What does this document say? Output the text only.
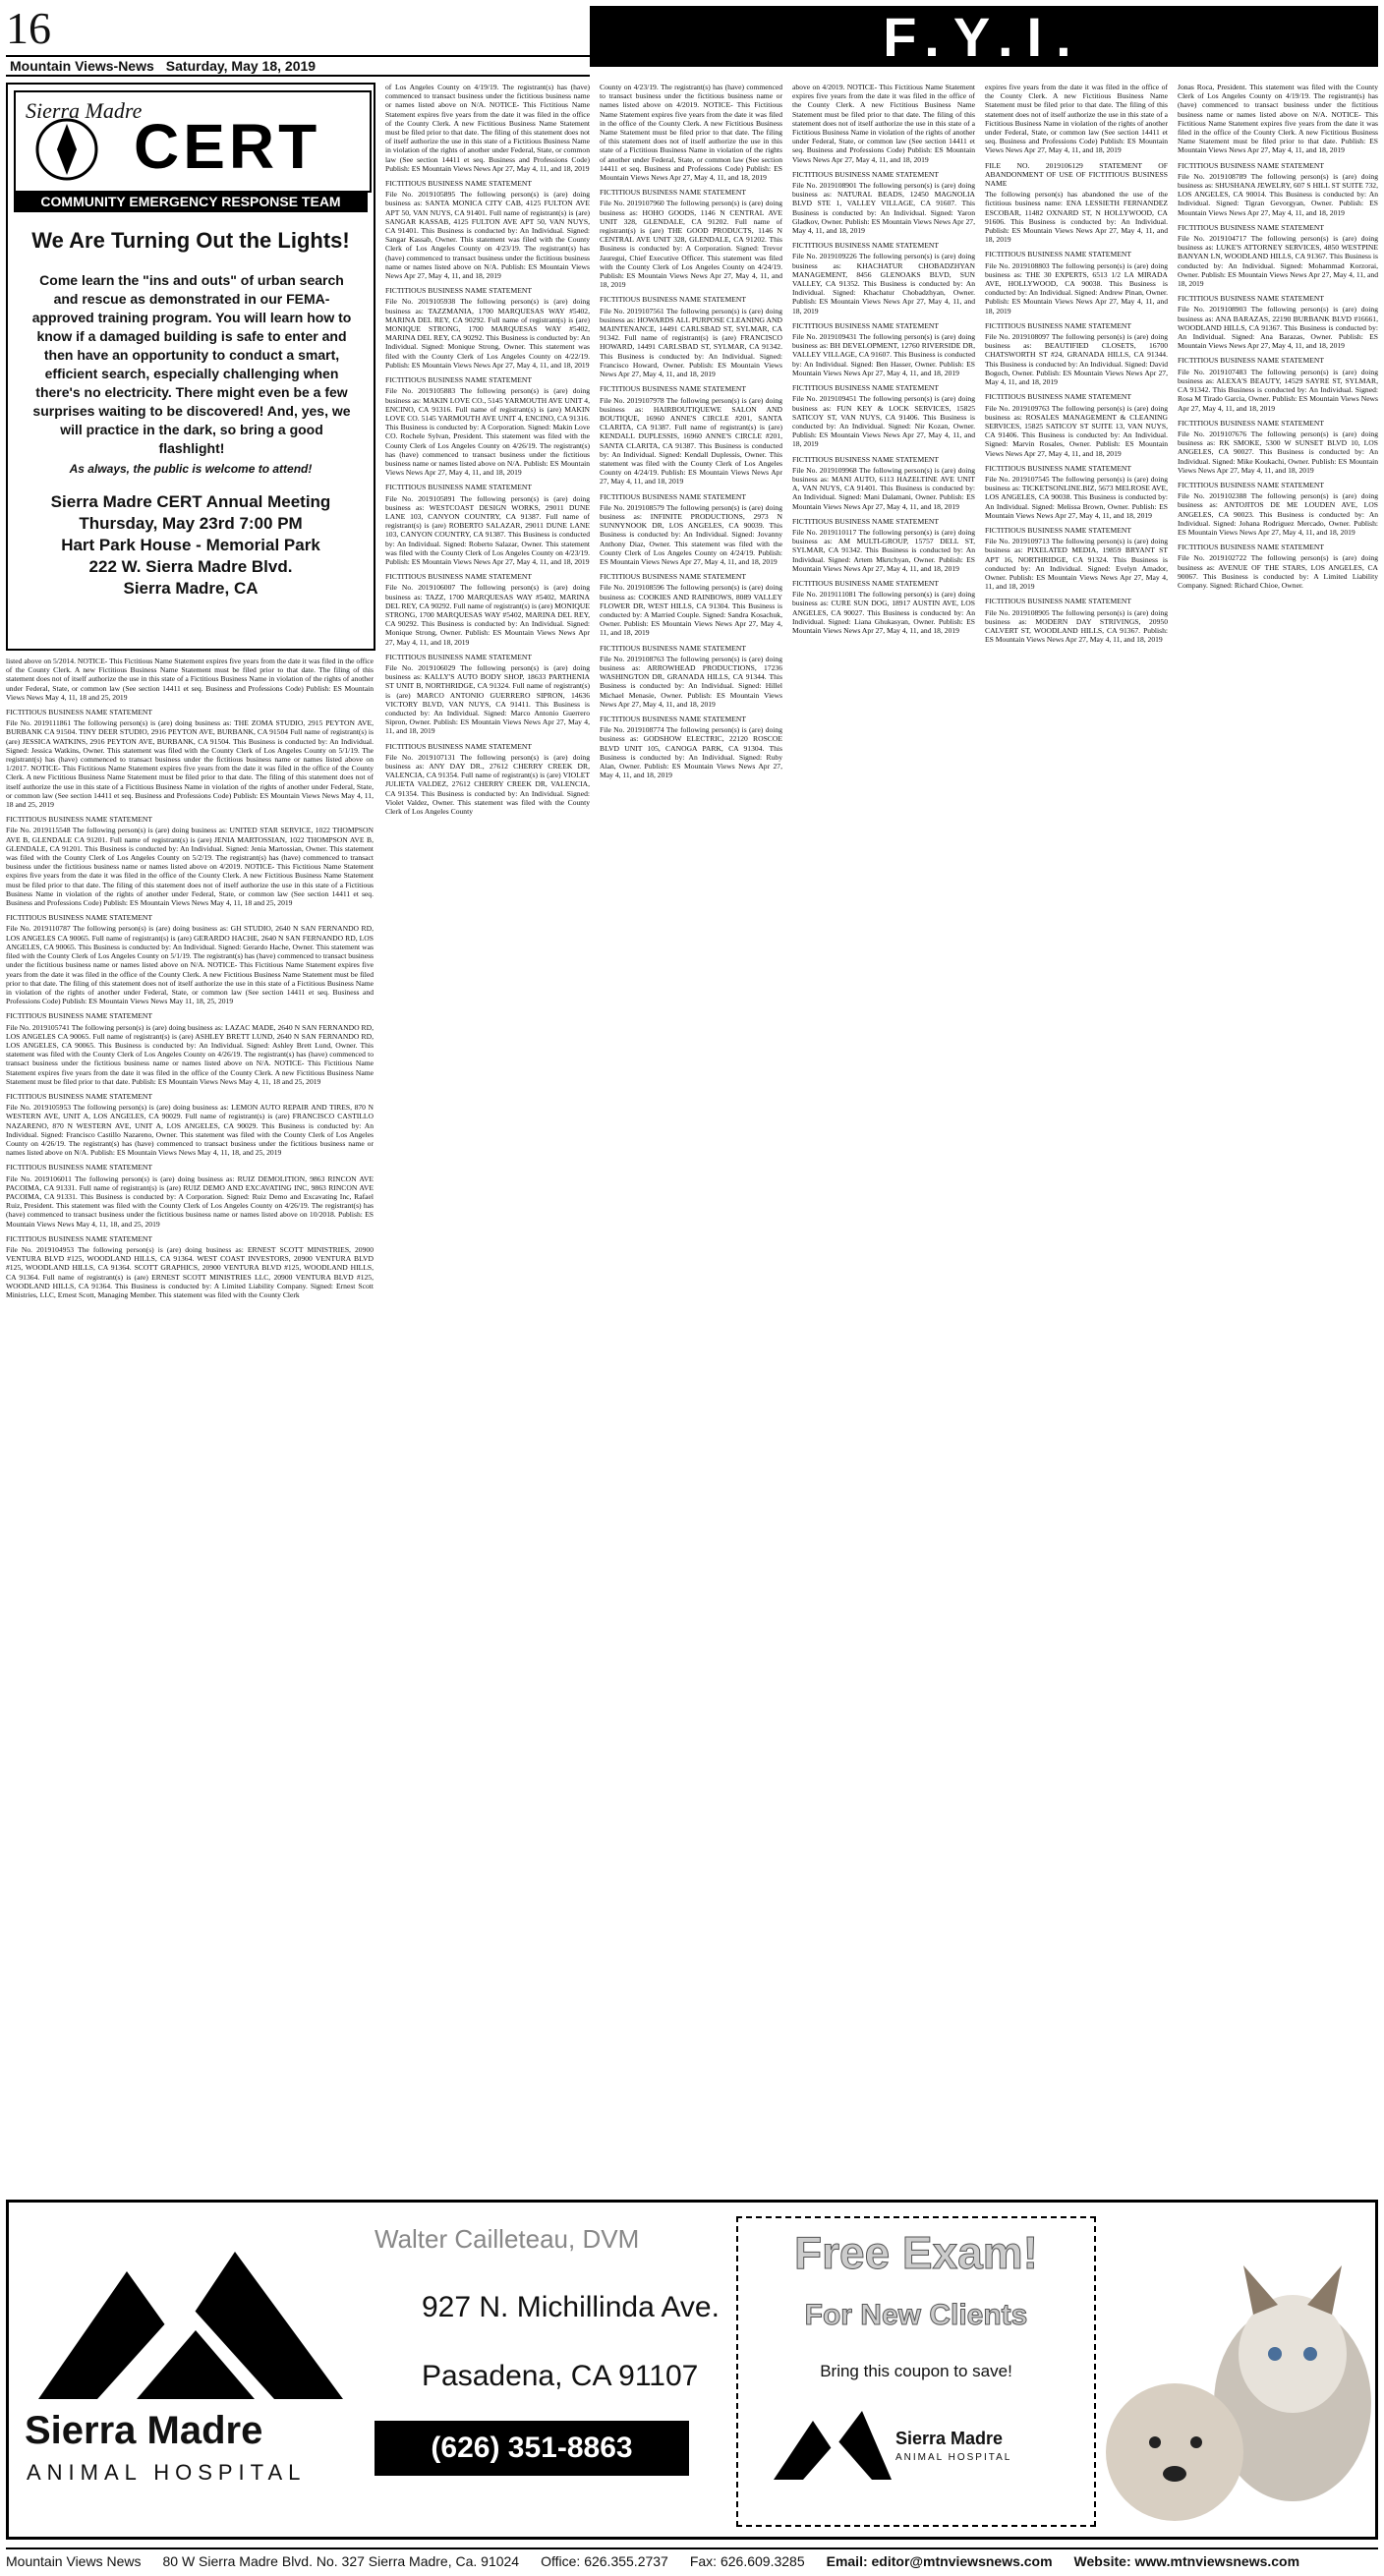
16
Mountain Views-News Saturday, May 18, 2019	F.Y.I.
Sierra Madre
CERT
COMMUNITY EMERGENCY RESPONSE TEAM
We Are Turning Out the Lights!
Come learn the "ins and outs" of urban search and rescue as demonstrated in our FEMA-approved training program. You will learn how to know if a damaged building is safe to enter and then have an opportunity to conduct a smart, efficient search, especially challenging when there's no electricity. There might even be a few surprises waiting to be discovered! And, yes, we will practice in the dark, so bring a good flashlight!
As always, the public is welcome to attend!
Sierra Madre CERT Annual Meeting
Thursday, May 23rd 7:00 PM
Hart Park House - Memorial Park
222 W. Sierra Madre Blvd.
Sierra Madre, CA

listed above on 5/2014. NOTICE- This Fictitious Name Statement expires five years from the date it was filed in the office of the County Clerk. A new Fictitious Business Name Statement must be filed prior to that date. The filing of this statement does not of itself authorize the use in this state of a Fictitious Business Name in violation of the rights of another under Federal, State, or common law (See section 14411 et seq. Business and Professions Code) Publish: ES Mountain Views News May 4, 11, 18 and 25, 2019

FICTITIOUS BUSINESS NAME STATEMENT

File No. 2019111861 The following person(s) is (are) doing business as: THE ZOMA STUDIO, 2915 PEYTON AVE, BURBANK CA 91504. TINY DEER STUDIO, 2916 PEYTON AVE, BURBANK, CA 91504 Full name of registrant(s) is (are) JESSICA WATKINS, 2916 PEYTON AVE, BURBANK, CA 91504. This Business is conducted by: An Individual. Signed: Jessica Watkins, Owner. This statement was filed with the County Clerk of Los Angeles County on 5/1/19. The registrant(s) has (have) commenced to transact business under the fictitious business name or names listed above on 1/2017. NOTICE- This Fictitious Name Statement expires five years from the date it was filed in the office of the County Clerk. A new Fictitious Business Name Statement must be filed prior to that date. The filing of this statement does not of itself authorize the use in this state of a Fictitious Business Name in violation of the rights of another under Federal, State, or common law (See section 14411 et seq. Business and Professions Code) Publish: ES Mountain Views News May 4, 11, 18 and 25, 2019

FICTITIOUS BUSINESS NAME STATEMENT

File No. 2019115548 The following person(s) is (are) doing business as: UNITED STAR SERVICE, 1022 THOMPSON AVE B, GLENDALE CA 91201. Full name of registrant(s) is (are) JENIA MARTOSSIAN, 1022 THOMPSON AVE B, GLENDALE, CA 91201. This Business is conducted by: An Individual. Signed: Jenia Martossian, Owner. This statement was filed with the County Clerk of Los Angeles County on 5/2/19. The registrant(s) has (have) commenced to transact business under the fictitious business name or names listed above on 4/2019. NOTICE- This Fictitious Name Statement expires five years from the date it was filed in the office of the County Clerk. A new Fictitious Business Name Statement must be filed prior to that date. The filing of this statement does not of itself authorize the use in this state of a Fictitious Business Name in violation of the rights of another under Federal, State, or common law (See section 14411 et seq. Business and Professions Code) Publish: ES Mountain Views News May 4, 11, 18 and 25, 2019

FICTITIOUS BUSINESS NAME STATEMENT

File No. 2019110787 The following person(s) is (are) doing business as: GH STUDIO, 2640 N SAN FERNANDO RD, LOS ANGELES CA 90065. Full name of registrant(s) is (are) GERARDO HACHE, 2640 N SAN FERNANDO RD, LOS ANGELES, CA 90065. This Business is conducted by: An Individual. Signed: Gerardo Hache, Owner. This statement was filed with the County Clerk of Los Angeles County on 5/1/19. The registrant(s) has (have) commenced to transact business under the fictitious business name or names listed above on N/A. NOTICE- This Fictitious Name Statement expires five years from the date it was filed in the office of the County Clerk. A new Fictitious Business Name Statement must be filed prior to that date. The filing of this statement does not of itself authorize the use in this state of a Fictitious Business Name in violation of the rights of another under Federal, State, or common law (See section 14411 et seq. Business and Professions Code) Publish: ES Mountain Views News May 11, 18, 25, 2019

FICTITIOUS BUSINESS NAME STATEMENT

File No. 2019105741 The following person(s) is (are) doing business as: LAZAC MADE, 2640 N SAN FERNANDO RD, LOS ANGELES CA 90065. Full name of registrant(s) is (are) ASHLEY BRETT LUND, 2640 N SAN FERNANDO RD, LOS ANGELES, CA 90065. This Business is conducted by: An Individual. Signed: Ashley Brett Lund, Owner. This statement was filed with the County Clerk of Los Angeles County on 4/26/19. The registrant(s) has (have) commenced to transact business under the fictitious business name or names listed above on N/A. NOTICE- This Fictitious Name Statement expires five years from the date it was filed in the office of the County Clerk. A new Fictitious Business Name Statement must be filed prior to that date. Publish: ES Mountain Views News May 4, 11, 18 and 25, 2019

FICTITIOUS BUSINESS NAME STATEMENT

File No. 2019105953 The following person(s) is (are) doing business as: LEMON AUTO REPAIR AND TIRES, 870 N WESTERN AVE, UNIT A, LOS ANGELES, CA 90029. Full name of registrant(s) is (are) FRANCISCO CASTILLO NAZARENO, 870 N WESTERN AVE, UNIT A, LOS ANGELES, CA 90029. This Business is conducted by: An Individual. Signed: Francisco Castillo Nazareno, Owner. This statement was filed with the County Clerk of Los Angeles County on 4/26/19. The registrant(s) has (have) commenced to transact business under the fictitious business name or names listed above on N/A. Publish: ES Mountain Views News May 4, 11, 18, and 25, 2019

FICTITIOUS BUSINESS NAME STATEMENT

File No. 2019106011 The following person(s) is (are) doing business as: RUIZ DEMOLITION, 9863 RINCON AVE PACOIMA, CA 91331. Full name of registrant(s) is (are) RUIZ DEMO AND EXCAVATING INC, 9863 RINCON AVE PACOIMA, CA 91331. This Business is conducted by: A Corporation. Signed: Ruiz Demo and Excavating Inc, Rafael Ruiz, President. This statement was filed with the County Clerk of Los Angeles County on 4/26/19. The registrant(s) has (have) commenced to transact business under the fictitious business name or names listed above on 10/2018. Publish: ES Mountain Views News May 4, 11, 18, and 25, 2019

FICTITIOUS BUSINESS NAME STATEMENT

File No. 2019104953 The following person(s) is (are) doing business as: ERNEST SCOTT MINISTRIES, 20900 VENTURA BLVD #125, WOODLAND HILLS, CA 91364. WEST COAST INVESTORS, 20900 VENTURA BLVD #125, WOODLAND HILLS, CA 91364. SCOTT GRAPHICS, 20900 VENTURA BLVD #125, WOODLAND HILLS, CA 91364. Full name of registrant(s) is (are) ERNEST SCOTT MINISTRIES LLC, 20900 VENTURA BLVD #125, WOODLAND HILLS, CA 91364. This Business is conducted by: A Limited Liability Company. Signed: Ernest Scott Ministries, LLC, Ernest Scott, Managing Member. This statement was filed with the County Clerk

of Los Angeles County on 4/19/19. The registrant(s) has (have) commenced to transact business under the fictitious business name or names listed above on N/A. NOTICE- This Fictitious Name Statement expires five years from the date it was filed in the office of the County Clerk. A new Fictitious Business Name Statement must be filed prior to that date. The filing of this statement does not of itself authorize the use in this state of a Fictitious Business Name in violation of the rights of another under Federal, State, or common law (See section 14411 et seq. Business and Professions Code) Publish: ES Mountain Views News Apr 27, May 4, 11, and 18, 2019

FICTITIOUS BUSINESS NAME STATEMENT

File No. 2019105895 The following person(s) is (are) doing business as: SANTA MONICA CITY CAB, 4125 FULTON AVE APT 50, VAN NUYS, CA 91401. Full name of registrant(s) is (are) SANGAR KASSAB, 4125 FULTON AVE APT 50, VAN NUYS, CA 91401. This Business is conducted by: An Individual. Signed: Sangar Kassab, Owner. This statement was filed with the County Clerk of Los Angeles County on 4/23/19. The registrant(s) has (have) commenced to transact business under the fictitious business name or names listed above on N/A. Publish: ES Mountain Views News Apr 27, May 4, 11, and 18, 2019

FICTITIOUS BUSINESS NAME STATEMENT

File No. 2019105938 The following person(s) is (are) doing business as: TAZZMANIA, 1700 MARQUESAS WAY #5402, MARINA DEL REY, CA 90292. Full name of registrant(s) is (are) MONIQUE STRONG, 1700 MARQUESAS WAY #5402, MARINA DEL REY, CA 90292. This Business is conducted by: An Individual. Signed: Monique Strong, Owner. This statement was filed with the County Clerk of Los Angeles County on 4/22/19. Publish: ES Mountain Views News Apr 27, May 4, 11, and 18, 2019

FICTITIOUS BUSINESS NAME STATEMENT

File No. 2019105883 The following person(s) is (are) doing business as: MAKIN LOVE CO., 5145 YARMOUTH AVE UNIT 4, ENCINO, CA 91316. Full name of registrant(s) is (are) MAKIN LOVE CO. 5145 YARMOUTH AVE UNIT 4, ENCINO, CA 91316. This Business is conducted by: A Corporation. Signed: Makin Love CO. Rochele Sylvan, President. This statement was filed with the County Clerk of Los Angeles County on 4/26/19. The registrant(s) has (have) commenced to transact business under the fictitious business name or names listed above on N/A. Publish: ES Mountain Views News Apr 27, May 4, 11, and 18, 2019

FICTITIOUS BUSINESS NAME STATEMENT

File No. 2019105891 The following person(s) is (are) doing business as: WESTCOAST DESIGN WORKS, 29011 DUNE LANE 103, CANYON COUNTRY, CA 91387. Full name of registrant(s) is (are) ROBERTO SALAZAR, 29011 DUNE LANE 103, CANYON COUNTRY, CA 91387. This Business is conducted by: An Individual. Signed: Roberto Salazar, Owner. This statement was filed with the County Clerk of Los Angeles County on 4/23/19. Publish: ES Mountain Views News Apr 27, May 4, 11, and 18, 2019

FICTITIOUS BUSINESS NAME STATEMENT

File No. 2019106007 The following person(s) is (are) doing business as: TAZZ, 1700 MARQUESAS WAY #5402, MARINA DEL REY, CA 90292. Full name of registrant(s) is (are) MONIQUE STRONG, 1700 MARQUESAS WAY #5402, MARINA DEL REY, CA 90292. This Business is conducted by: An Individual. Signed: Monique Strong, Owner. Publish: ES Mountain Views News Apr 27, May 4, 11, and 18, 2019

FICTITIOUS BUSINESS NAME STATEMENT

File No. 2019106029 The following person(s) is (are) doing business as: KALLY'S AUTO BODY SHOP, 18633 PARTHENIA ST UNIT B, NORTHRIDGE, CA 91324. Full name of registrant(s) is (are) MARCO ANTONIO GUERRERO SIPRON, 14636 VICTORY BLVD, VAN NUYS, CA 91411. This Business is conducted by: An Individual. Signed: Marco Antonio Guerrero Sipron, Owner. Publish: ES Mountain Views News Apr 27, May 4, 11, and 18, 2019

FICTITIOUS BUSINESS NAME STATEMENT

File No. 2019107131 The following person(s) is (are) doing business as: ANY DAY DR., 27612 CHERRY CREEK DR, VALENCIA, CA 91354. Full name of registrant(s) is (are) VIOLET JULIETA VALDEZ, 27612 CHERRY CREEK DR, VALENCIA, CA 91354. This Business is conducted by: An Individual. Signed: Violet Valdez, Owner. This statement was filed with the County Clerk of Los Angeles County

County on 4/23/19. The registrant(s) has (have) commenced to transact business under the fictitious business name or names listed above on 4/2019. NOTICE- This Fictitious Name Statement expires five years from the date it was filed in the office of the County Clerk. A new Fictitious Business Name Statement must be filed prior to that date. The filing of this statement does not of itself authorize the use in this state of a Fictitious Business Name in violation of the rights of another under Federal, State, or common law (See section 14411 et seq. Business and Professions Code) Publish: ES Mountain Views News Apr 27, May 4, 11, and 18, 2019

FICTITIOUS BUSINESS NAME STATEMENT

File No. 2019107960 The following person(s) is (are) doing business as: HOHO GOODS, 1146 N CENTRAL AVE UNIT 328, GLENDALE, CA 91202. Full name of registrant(s) is (are) THE GOOD PRODUCTS, 1146 N CENTRAL AVE UNIT 328, GLENDALE, CA 91202. This Business is conducted by: A Corporation. Signed: Trevor Jauregui, Chief Executive Officer. This statement was filed with the County Clerk of Los Angeles County on 4/24/19. Publish: ES Mountain Views News Apr 27, May 4, 11, and 18, 2019

FICTITIOUS BUSINESS NAME STATEMENT

File No. 2019107561 The following person(s) is (are) doing business as: HOWARDS ALL PURPOSE CLEANING AND MAINTENANCE, 14491 CARLSBAD ST, SYLMAR, CA 91342. Full name of registrant(s) is (are) FRANCISCO HOWARD, 14491 CARLSBAD ST, SYLMAR, CA 91342. This Business is conducted by: An Individual. Signed: Francisco Howard, Owner. Publish: ES Mountain Views News Apr 27, May 4, 11, and 18, 2019

FICTITIOUS BUSINESS NAME STATEMENT

File No. 2019107978 The following person(s) is (are) doing business as: HAIRBOUTIQUEWE SALON AND BOUTIQUE, 16960 ANNE'S CIRCLE #201, SANTA CLARITA, CA 91387. Full name of registrant(s) is (are) KENDALL DUPLESSIS, 16960 ANNE'S CIRCLE #201, SANTA CLARITA, CA 91387. This Business is conducted by: An Individual. Signed: Kendall Duplessis, Owner. This statement was filed with the County Clerk of Los Angeles County on 4/24/19. Publish: ES Mountain Views News Apr 27, May 4, 11, and 18, 2019

FICTITIOUS BUSINESS NAME STATEMENT

File No. 2019108579 The following person(s) is (are) doing business as: INFINITE PRODUCTIONS, 2973 N SUNNYNOOK DR, LOS ANGELES, CA 90039. This Business is conducted by: An Individual. Signed: Jovanny Anthony Diaz, Owner. This statement was filed with the County Clerk of Los Angeles County on 4/24/19. Publish: ES Mountain Views News Apr 27, May 4, 11, and 18, 2019

FICTITIOUS BUSINESS NAME STATEMENT

File No. 2019108596 The following person(s) is (are) doing business as: COOKIES AND RAINBOWS, 8089 VALLEY FLOWER DR, WEST HILLS, CA 91304. This Business is conducted by: A Married Couple. Signed: Sandra Kosachuk, Owner. Publish: ES Mountain Views News Apr 27, May 4, 11, and 18, 2019

FICTITIOUS BUSINESS NAME STATEMENT

File No. 2019108763 The following person(s) is (are) doing business as: ARROWHEAD PRODUCTIONS, 17236 WASHINGTON DR, GRANADA HILLS, CA 91344. This Business is conducted by: An Individual. Signed: Hillel Michael Menasie, Owner. Publish: ES Mountain Views News Apr 27, May 4, 11, and 18, 2019

FICTITIOUS BUSINESS NAME STATEMENT

File No. 2019108774 The following person(s) is (are) doing business as: GODSHOW ELECTRIC, 22120 ROSCOE BLVD UNIT 105, CANOGA PARK, CA 91304. This Business is conducted by: An Individual. Signed: Ruby Alan, Owner. Publish: ES Mountain Views News Apr 27, May 4, 11, and 18, 2019

above on 4/2019. NOTICE- This Fictitious Name Statement expires five years from the date it was filed in the office of the County Clerk. A new Fictitious Business Name Statement must be filed prior to that date. The filing of this statement does not of itself authorize the use in this state of a Fictitious Business Name in violation of the rights of another under Federal, State, or common law (See section 14411 et seq. Business and Professions Code) Publish: ES Mountain Views News Apr 27, May 4, 11, and 18, 2019

FICTITIOUS BUSINESS NAME STATEMENT

File No. 2019108901 The following person(s) is (are) doing business as: NATURAL BEADS, 12450 MAGNOLIA BLVD STE 1, VALLEY VILLAGE, CA 91607. This Business is conducted by: An Individual. Signed: Yaron Gladkov, Owner. Publish: ES Mountain Views News Apr 27, May 4, 11, and 18, 2019

FICTITIOUS BUSINESS NAME STATEMENT

File No. 2019109226 The following person(s) is (are) doing business as: KHACHATUR CHOBADZHYAN MANAGEMENT, 8456 GLENOAKS BLVD, SUN VALLEY, CA 91352. This Business is conducted by: An Individual. Signed: Khachatur Chobadzhyan, Owner. Publish: ES Mountain Views News Apr 27, May 4, 11, and 18, 2019

FICTITIOUS BUSINESS NAME STATEMENT

File No. 2019109431 The following person(s) is (are) doing business as: BH DEVELOPMENT, 12760 RIVERSIDE DR, VALLEY VILLAGE, CA 91607. This Business is conducted by: An Individual. Signed: Ben Hasser, Owner. Publish: ES Mountain Views News Apr 27, May 4, 11, and 18, 2019

FICTITIOUS BUSINESS NAME STATEMENT

File No. 2019109451 The following person(s) is (are) doing business as: FUN KEY & LOCK SERVICES, 15825 SATICOY ST, VAN NUYS, CA 91406. This Business is conducted by: An Individual. Signed: Nir Kozan, Owner. Publish: ES Mountain Views News Apr 27, May 4, 11, and 18, 2019

FICTITIOUS BUSINESS NAME STATEMENT

File No. 2019109968 The following person(s) is (are) doing business as: MANI AUTO, 6113 HAZELTINE AVE UNIT A, VAN NUYS, CA 91401. This Business is conducted by: An Individual. Signed: Mani Dalamani, Owner. Publish: ES Mountain Views News Apr 27, May 4, 11, and 18, 2019

FICTITIOUS BUSINESS NAME STATEMENT

File No. 2019110117 The following person(s) is (are) doing business as: AM MULTI-GROUP, 15757 DELL ST, SYLMAR, CA 91342. This Business is conducted by: An Individual. Signed: Artem Mkrtchyan, Owner. Publish: ES Mountain Views News Apr 27, May 4, 11, and 18, 2019

FICTITIOUS BUSINESS NAME STATEMENT

File No. 2019111081 The following person(s) is (are) doing business as: CURE SUN DOG, 18917 AUSTIN AVE, LOS ANGELES, CA 90027. This Business is conducted by: An Individual. Signed: Liana Ghukasyan, Owner. Publish: ES Mountain Views News Apr 27, May 4, 11, and 18, 2019

expires five years from the date it was filed in the office of the County Clerk. A new Fictitious Business Name Statement must be filed prior to that date. The filing of this statement does not of itself authorize the use in this state of a Fictitious Business Name in violation of the rights of another under Federal, State, or common law (See section 14411 et seq. Business and Professions Code) Publish: ES Mountain Views News Apr 27, May 4, 11, and 18, 2019

FILE NO. 2019106129 STATEMENT OF ABANDONMENT OF USE OF FICTITIOUS BUSINESS NAME

The following person(s) has abandoned the use of the fictitious business name: ENA LESSIETH FERNANDEZ ESCOBAR, 11482 OXNARD ST, N HOLLYWOOD, CA 91606. This Business is conducted by: An Individual. Publish: ES Mountain Views News Apr 27, May 4, 11, and 18, 2019

FICTITIOUS BUSINESS NAME STATEMENT

File No. 2019108803 The following person(s) is (are) doing business as: THE 30 EXPERTS, 6513 1/2 LA MIRADA AVE, HOLLYWOOD, CA 90038. This Business is conducted by: An Individual. Signed: Andrew Pinan, Owner. Publish: ES Mountain Views News Apr 27, May 4, 11, and 18, 2019

FICTITIOUS BUSINESS NAME STATEMENT

File No. 2019108097 The following person(s) is (are) doing business as: BEAUTIFIED CLOSETS, 16700 CHATSWORTH ST #24, GRANADA HILLS, CA 91344. This Business is conducted by: An Individual. Signed: David Bogoch, Owner. Publish: ES Mountain Views News Apr 27, May 4, 11, and 18, 2019

FICTITIOUS BUSINESS NAME STATEMENT

File No. 2019109763 The following person(s) is (are) doing business as: ROSALES MANAGEMENT & CLEANING SERVICES, 15825 SATICOY ST SUITE 13, VAN NUYS, CA 91406. This Business is conducted by: An Individual. Signed: Marvin Rosales, Owner. Publish: ES Mountain Views News Apr 27, May 4, 11, and 18, 2019

FICTITIOUS BUSINESS NAME STATEMENT

File No. 2019107545 The following person(s) is (are) doing business as: TICKETSONLINE.BIZ, 5673 MELROSE AVE, LOS ANGELES, CA 90038. This Business is conducted by: An Individual. Signed: Melissa Brown, Owner. Publish: ES Mountain Views News Apr 27, May 4, 11, and 18, 2019

FICTITIOUS BUSINESS NAME STATEMENT

File No. 2019109713 The following person(s) is (are) doing business as: PIXELATED MEDIA, 19859 BRYANT ST APT 16, NORTHRIDGE, CA 91324. This Business is conducted by: An Individual. Signed: Evelyn Amador, Owner. Publish: ES Mountain Views News Apr 27, May 4, 11, and 18, 2019

FICTITIOUS BUSINESS NAME STATEMENT

File No. 2019108905 The following person(s) is (are) doing business as: MODERN DAY STRIVINGS, 20950 CALVERT ST, WOODLAND HILLS, CA 91367. Publish: ES Mountain Views News Apr 27, May 4, 11, and 18, 2019

Jonas Roca, President. This statement was filed with the County Clerk of Los Angeles County on 4/19/19. The registrant(s) has (have) commenced to transact business under the fictitious business name or names listed above on N/A. NOTICE- This Fictitious Name Statement expires five years from the date it was filed in the office of the County Clerk. A new Fictitious Business Name Statement must be filed prior to that date. Publish: ES Mountain Views News Apr 27, May 4, 11, and 18, 2019

FICTITIOUS BUSINESS NAME STATEMENT

File No. 2019108789 The following person(s) is (are) doing business as: SHUSHANA JEWELRY, 607 S HILL ST SUITE 732, LOS ANGELES, CA 90014. This Business is conducted by: An Individual. Signed: Tigran Gevorgyan, Owner. Publish: ES Mountain Views News Apr 27, May 4, 11, and 18, 2019

FICTITIOUS BUSINESS NAME STATEMENT

File No. 2019104717 The following person(s) is (are) doing business as: LUKE'S ATTORNEY SERVICES, 4850 WESTPINE BANYAN LN, WOODLAND HILLS, CA 91367. This Business is conducted by: An Individual. Signed: Mohammad Korzorai, Owner. Publish: ES Mountain Views News Apr 27, May 4, 11, and 18, 2019

FICTITIOUS BUSINESS NAME STATEMENT

File No. 2019108903 The following person(s) is (are) doing business as: ANA BARAZAS, 22190 BURBANK BLVD #16661, WOODLAND HILLS, CA 91367. This Business is conducted by: An Individual. Signed: Ana Barazas, Owner. Publish: ES Mountain Views News Apr 27, May 4, 11, and 18, 2019

FICTITIOUS BUSINESS NAME STATEMENT

File No. 2019107483 The following person(s) is (are) doing business as: ALEXA'S BEAUTY, 14529 SAYRE ST, SYLMAR, CA 91342. This Business is conducted by: An Individual. Signed: Rosa M Tirado Garcia, Owner. Publish: ES Mountain Views News Apr 27, May 4, 11, and 18, 2019

FICTITIOUS BUSINESS NAME STATEMENT

File No. 2019107676 The following person(s) is (are) doing business as: RK SMOKE, 5300 W SUNSET BLVD 10, LOS ANGELES, CA 90027. This Business is conducted by: An Individual. Signed: Mike Koukachi, Owner. Publish: ES Mountain Views News Apr 27, May 4, 11, and 18, 2019

FICTITIOUS BUSINESS NAME STATEMENT

File No. 2019102388 The following person(s) is (are) doing business as: ANTOJITOS DE ME LOUDEN AVE, LOS ANGELES, CA 90023. This Business is conducted by: An Individual. Signed: Johana Rodriguez Mercado, Owner. Publish: ES Mountain Views News Apr 27, May 4, 11, and 18, 2019

FICTITIOUS BUSINESS NAME STATEMENT

File No. 2019102722 The following person(s) is (are) doing business as: AVENUE OF THE STARS, LOS ANGELES, CA 90067. This Business is conducted by: A Limited Liability Company. Signed: Richard Chioe, Owner.

Sierra Madre
ANIMAL HOSPITAL
Walter Cailleteau, DVM
927 N. Michillinda Ave.
Pasadena, CA 91107
(626) 351-8863
Free Exam!
For New Clients
Bring this coupon to save!
Sierra Madre
ANIMAL HOSPITAL
Mountain Views News 80 W Sierra Madre Blvd. No. 327 Sierra Madre, Ca. 91024 Office: 626.355.2737 Fax: 626.609.3285 Email: editor@mtnviewsnews.com Website: www.mtnviewsnews.com
